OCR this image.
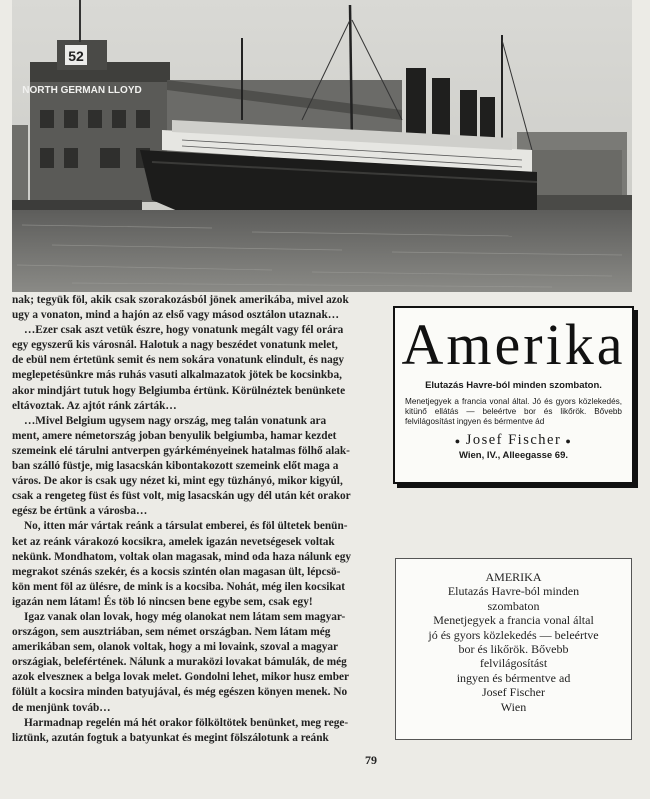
52
NORTH GERMAN LLOYD

nak; tegyük föl, akik csak szorakozásból jönek amerikába, mivel azok

ugy a vonaton, mind a hajón az első vagy másod osztálon utaznak…

…Ezer csak aszt vetük észre, hogy vonatunk megált vagy fél orára

egy egyszerű kis városnál. Halotuk a nagy beszédet vonatunk melet,

de ebül nem értetünk semit és nem sokára vonatunk elindult, és nagy

meglepetésünkre más ruhás vasuti alkalmazatok jötek be kocsinkba,

akor mindjárt tutuk hogy Belgiumba értünk. Körülnéztek benünkete

eltávoztak. Az ajtót ránk zárták…

…Mivel Belgium ugysem nagy ország, meg talán vonatunk ara

ment, amere németország joban benyulik belgiumba, hamar kezdet

szemeink elé tárulni antverpen gyárkéményeinek hatalmas fölhő alak-

ban szálló füstje, mig lasacskán kibontakozott szemeink előt maga a

város. De akor is csak ugy nézet ki, mint egy tüzhányó, mikor kigyúl,

csak a rengeteg füst és füst volt, mig lasacskán ugy dél után két orakor

egész be értünk a városba…

No, itten már vártak reánk a társulat emberei, és föl ültetek benün-

ket az reánk várakozó kocsikra, amelek igazán nevetségesek voltak

nekünk. Mondhatom, voltak olan magasak, mind oda haza nálunk egy

megrakot szénás szekér, és a kocsis szintén olan magasan ült, lépcsö-

kön ment föl az ülésre, de mink is a kocsiba. Nohát, még ilen kocsikat

igazán nem látam! És töb ló nincsen bene egybe sem, csak egy!

Igaz vanak olan lovak, hogy még olanokat nem látam sem magyar-

országon, sem ausztriában, sem német országban. Nem látam még

amerikában sem, olanok voltak, hogy a mi lovaink, szoval a magyar

országiak, belefértének. Nálunk a muraközi lovakat bámulák, de még

azok elveszneк a belga lovak melet. Gondolni lehet, mikor husz ember

fölült a kocsira minden batyujával, és még egészen könyen menek. No

de menjünk továb…

Harmadnap regelén má hét orakor fölköltötek benünket, meg rege-

liztünk, azután fogtuk a batyunkat és megint fölszálotunk a reánk

Amerika
Elutazás Havre-ból minden szombaton.
Menetjegyek a francia vonal által. Jó és gyors közlekedés, kitünő ellátás — beleértve bor és likőrök. Bővebb felvilágosítást ingyen és bérmentve ád
● Josef Fischer ●
Wien, IV., Alleegasse 69.
AMERIKA
Elutazás Havre-ból minden
szombaton
Menetjegyek a francia vonal által
jó és gyors közlekedés — beleértve
bor és likőrök. Bővebb
felvilágosítást
ingyen és bérmentve ad
Josef Fischer
Wien
79
